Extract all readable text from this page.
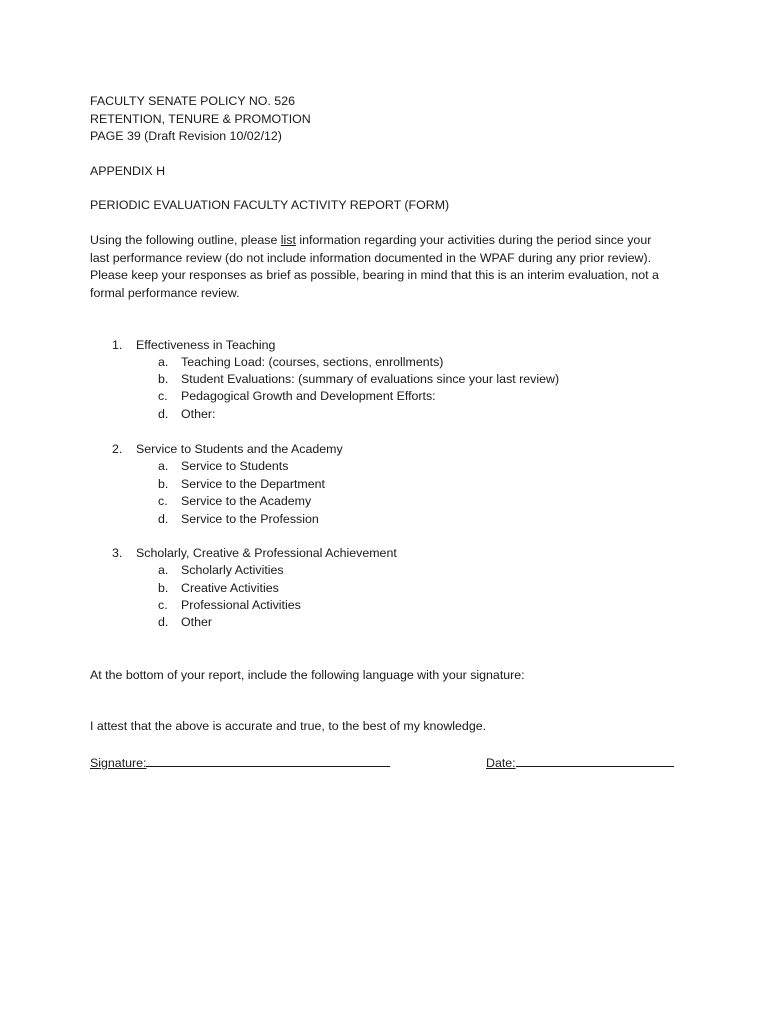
FACULTY SENATE POLICY NO. 526
RETENTION, TENURE & PROMOTION
PAGE 39 (Draft Revision 10/02/12)
APPENDIX H
PERIODIC EVALUATION FACULTY ACTIVITY REPORT (FORM)
Using the following outline, please list information regarding your activities during the period since your
last performance review (do not include information documented in the WPAF during any prior review).
Please keep your responses as brief as possible, bearing in mind that this is an interim evaluation, not a
formal performance review.
1. Effectiveness in Teaching
a. Teaching Load: (courses, sections, enrollments)
b. Student Evaluations: (summary of evaluations since your last review)
c. Pedagogical Growth and Development Efforts:
d. Other:
2. Service to Students and the Academy
a. Service to Students
b. Service to the Department
c. Service to the Academy
d. Service to the Profession
3. Scholarly, Creative & Professional Achievement
a. Scholarly Activities
b. Creative Activities
c. Professional Activities
d. Other
At the bottom of your report, include the following language with your signature:
I attest that the above is accurate and true, to the best of my knowledge.
Signature:	Date:
